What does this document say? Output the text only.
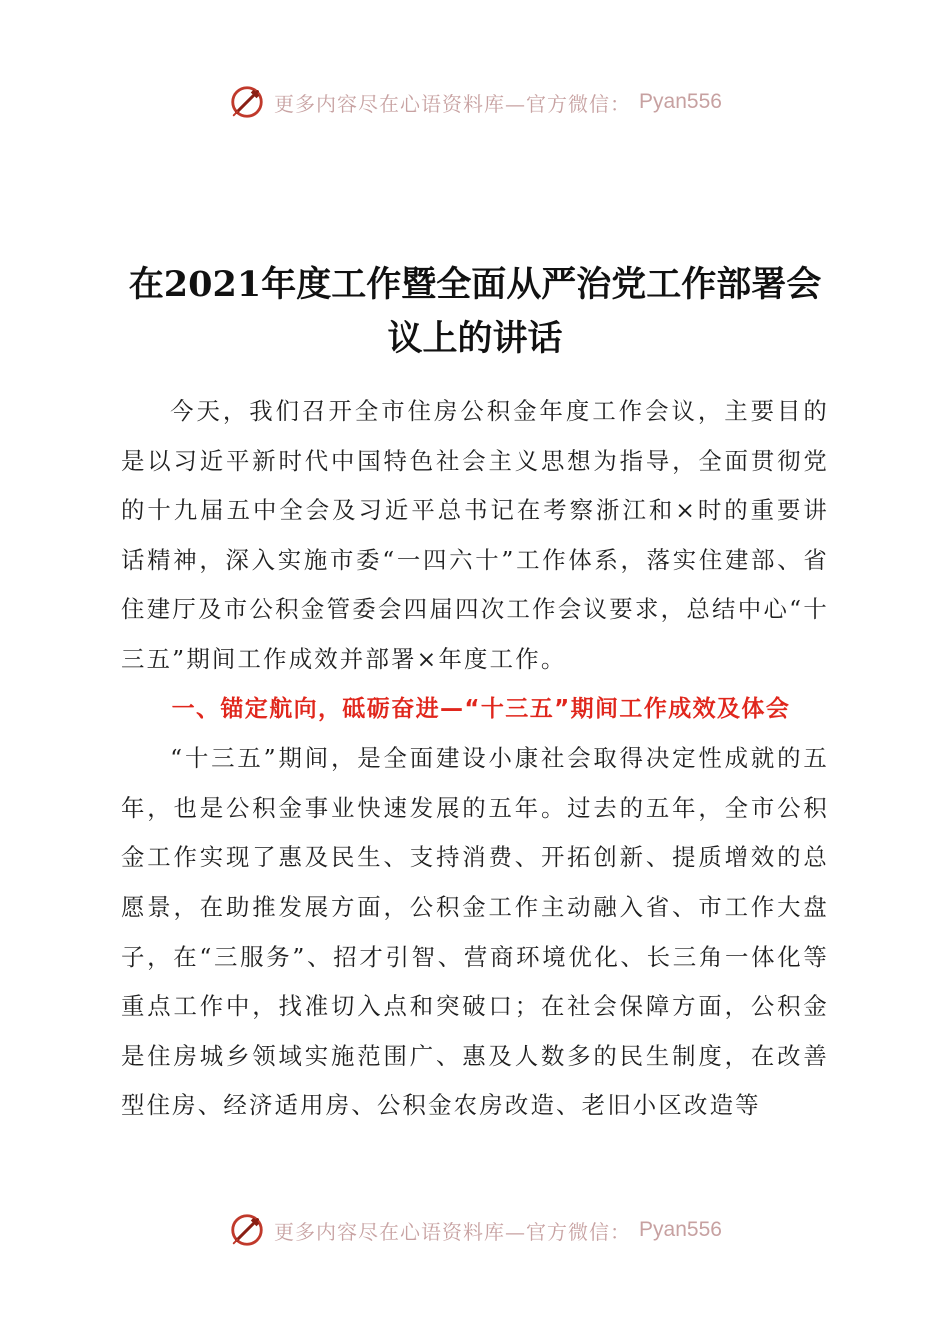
更多内容尽在心语资料库—官方微信： Pyan556
在2021年度工作暨全面从严治党工作部署会
议上的讲话

今天，我们召开全市住房公积金年度工作会议，主要目的是以习近平新时代中国特色社会主义思想为指导，全面贯彻党的十九届五中全会及习近平总书记在考察浙江和×时的重要讲话精神，深入实施市委“一四六十”工作体系，落实住建部、省住建厅及市公积金管委会四届四次工作会议要求，总结中心“十三五”期间工作成效并部署×年度工作。

一、锚定航向，砥砺奋进—“十三五”期间工作成效及体会

“十三五”期间，是全面建设小康社会取得决定性成就的五年，也是公积金事业快速发展的五年。过去的五年，全市公积金工作实现了惠及民生、支持消费、开拓创新、提质增效的总愿景，在助推发展方面，公积金工作主动融入省、市工作大盘子，在“三服务”、招才引智、营商环境优化、长三角一体化等重点工作中，找准切入点和突破口；在社会保障方面，公积金是住房城乡领域实施范围广、惠及人数多的民生制度，在改善型住房、经济适用房、公积金农房改造、老旧小区改造等

更多内容尽在心语资料库—官方微信： Pyan556
